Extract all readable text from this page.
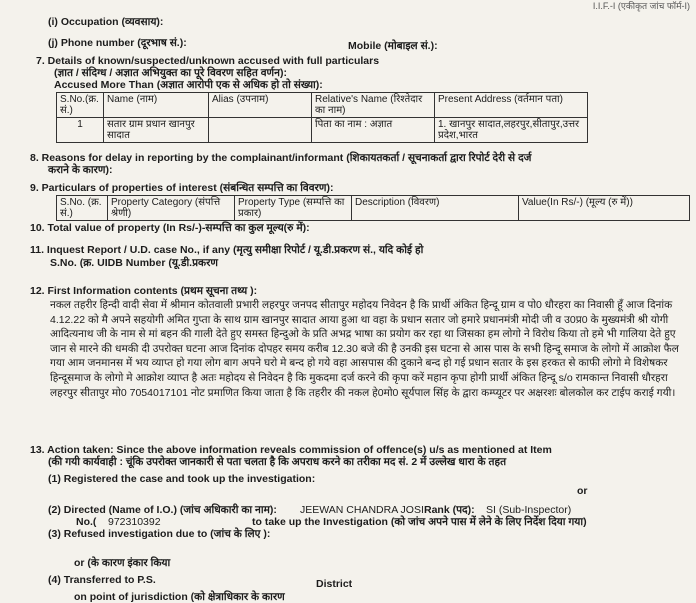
I.I.F.-I (एकीकृत जांच फॉर्म-I)
(i) Occupation (व्यवसाय):
(j) Phone number (दूरभाष सं.):	Mobile (मोबाइल सं.):
7. Details of known/suspected/unknown accused with full particulars
(ज्ञात / संदिग्ध / अज्ञात अभियुक्त का पूरे विवरण सहित वर्णन):
Accused More Than (अज्ञात आरोपी एक से अधिक हो तो संख्या):
S.No.(क्र. सं.)	Name (नाम)	Alias (उपनाम)	Relative's Name (रिश्तेदार का नाम)	Present Address (वर्तमान पता)
1	सतार ग्राम प्रधान खानपुर सादात		पिता का नाम : अज्ञात	1. खानपुर सादात,लहरपुर,सीतापुर,उत्तर प्रदेश,भारत
8. Reasons for delay in reporting by the complainant/informant (शिकायतकर्ता / सूचनाकर्ता द्वारा रिपोर्ट देरी से दर्ज
कराने के कारण):
9. Particulars of properties of interest (संबन्धित सम्पत्ति का विवरण):
S.No. (क्र. सं.)	Property Category (संपत्ति श्रेणी)	Property Type (सम्पत्ति का प्रकार)	Description (विवरण)	Value(In Rs/-) (मूल्य (रु में))
10. Total value of property (In Rs/-)-सम्पत्ति का कुल मूल्य(रु में):
11. Inquest Report / U.D. case No., if any (मृत्यु समीक्षा रिपोर्ट / यू.डी.प्रकरण सं., यदि कोई हो
S.No. (क्र. UIDB Number (यू.डी.प्रकरण
12. First Information contents (प्रथम सूचना तथ्य ):
नकल तहरीर हिन्दी वादी सेवा में श्रीमान कोतवाली प्रभारी लहरपुर जनपद सीतापुर महोदय निवेदन है कि प्रार्थी अंकित हिन्दू ग्राम व पो0 धौरहरा का निवासी हूँ आज दिनांक 4.12.22 को मै अपने सहयोगी अमित गुप्ता के साथ ग्राम खानपुर सादात आया हुआ था वहा के प्रधान सतार जो हमारे प्रधानमंत्री मोदी जी व उ0प्र0 के मुख्यमंत्री श्री योगी आदित्यनाथ जी के नाम से मां बहन की गाली देते हुए समस्त हिन्दुओ के प्रति अभद्र भाषा का प्रयोग कर रहा था जिसका हम लोगो ने विरोध किया तो हमे भी गालिया देते हुए जान से मारने की धमकी दी उपरोक्त घटना आज दिनांक दोपहर समय करीब 12.30 बजे की है उनकी इस घटना से आस पास के सभी हिन्दू समाज के लोगो में आक्रोश फैल गया आम जनमानस में भय व्याप्त हो गया लोग बाग अपने घरो मे बन्द हो गये वहा आसपास की दुकाने बन्द हो गई प्रधान सतार के इस हरकत से काफी लोगो मे विशेषकर हिन्दूसमाज के लोगो मे आक्रोश व्याप्त है अतः महोदय से निवेदन है कि मुकदमा दर्ज करने की कृपा करें महान कृपा होगी प्रार्थी अंकित हिन्दू s/o रामकान्त निवासी धौरहरा लहरपुर सीतापुर मो0 7054017101 नोट प्रमाणित किया जाता है कि तहरीर की नकल हे0मो0 सूर्यपाल सिंह के द्वारा कम्प्यूटर पर अक्षरशः बोलकोल कर टाईप कराई गयी।
13. Action taken: Since the above information reveals commission of offence(s) u/s as mentioned at Item
(की गयी कार्यवाही : चूंकि उपरोक्त जानकारी से पता चलता है कि अपराध करने का तरीका मद सं. 2 में उल्लेख धारा के तहत
(1) Registered the case and took up the investigation:
or
(2) Directed (Name of I.O.) (जांच अधिकारी का नाम): JEEWAN CHANDRA JOSI Rank (पद): SI (Sub-Inspector)
No.( 972310392	to take up the Investigation (को जांच अपने पास में लेने के लिए निर्देश दिया गया)
(3) Refused investigation due to (जांच के लिए ):
or (के कारण इंकार किया
(4) Transferred to P.S.	District
on point of jurisdiction (को क्षेत्राधिकार के कारण
